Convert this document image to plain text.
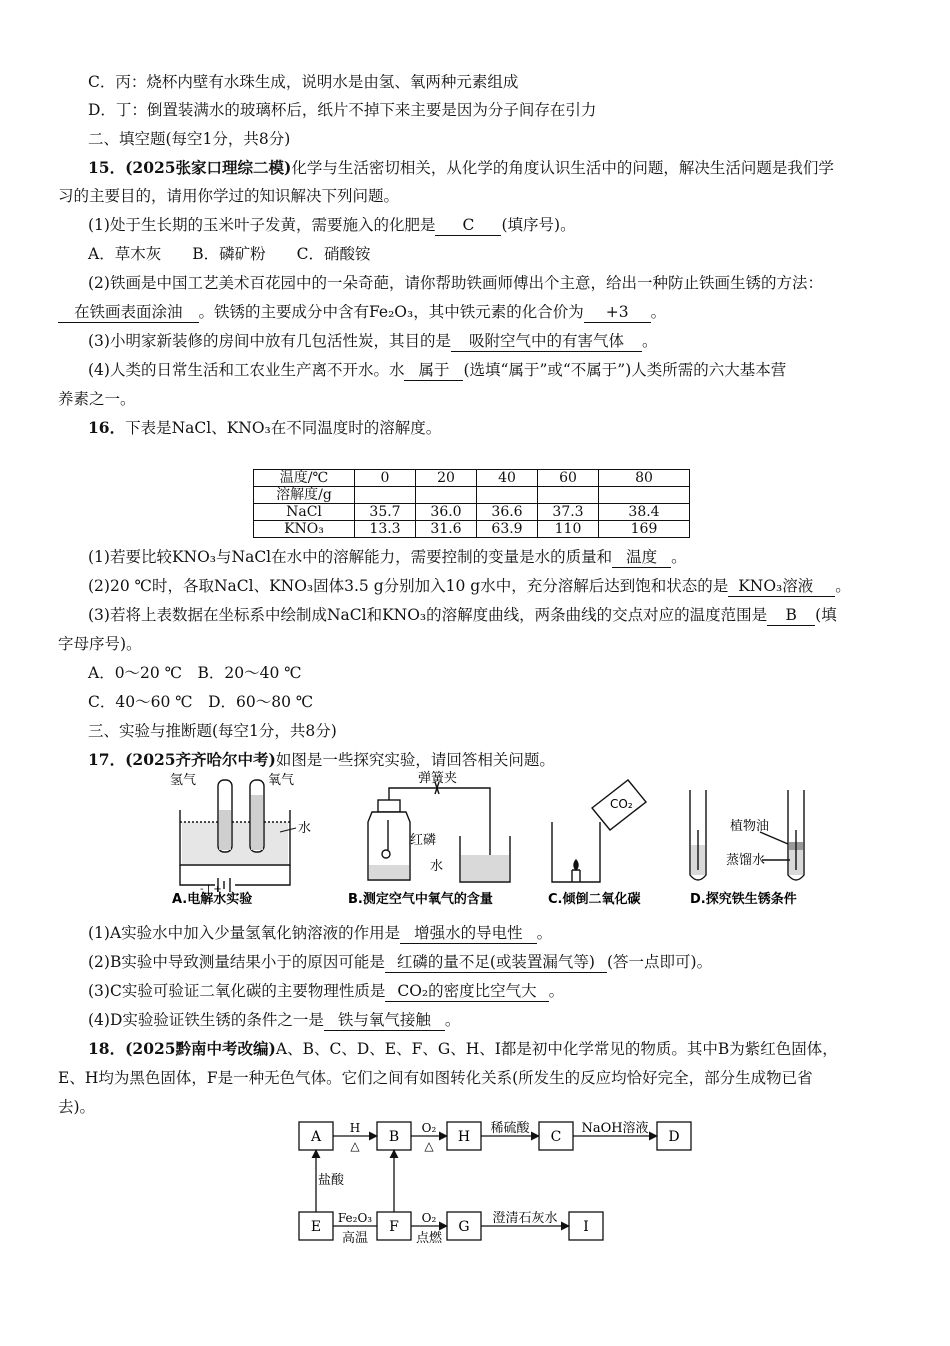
C．丙：烧杯内壁有水珠生成，说明水是由氢、氧两种元素组成
D．丁：倒置装满水的玻璃杯后，纸片不掉下来主要是因为分子间存在引力
二、填空题(每空1分，共8分)
15．(2025张家口理综二模)化学与生活密切相关，从化学的角度认识生活中的问题，解决生活问题是我们学
习的主要目的，请用你学过的知识解决下列问题。
(1)处于生长期的玉米叶子发黄，需要施入的化肥是 C (填序号)。
A．草木灰　　B．磷矿粉　　C．硝酸铵
(2)铁画是中国工艺美术百花园中的一朵奇葩，请你帮助铁画师傅出个主意，给出一种防止铁画生锈的方法：
在铁画表面涂油 。铁锈的主要成分中含有Fe₂O₃，其中铁元素的化合价为 +3 。
(3)小明家新装修的房间中放有几包活性炭，其目的是 吸附空气中的有害气体 。
(4)人类的日常生活和工农业生产离不开水。水 属于 (选填“属于”或“不属于”)人类所需的六大基本营
养素之一。
16．下表是NaCl、KNO₃在不同温度时的溶解度。
温度/℃	0	20	40	60	80
溶解度/g					
NaCl	35.7	36.0	36.6	37.3	38.4
KNO₃	13.3	31.6	63.9	110	169
(1)若要比较KNO₃与NaCl在水中的溶解能力，需要控制的变量是水的质量和 温度 。
(2)20 ℃时，各取NaCl、KNO₃固体3.5 g分别加入10 g水中，充分溶解后达到饱和状态的是 KNO₃溶液 。
(3)若将上表数据在坐标系中绘制成NaCl和KNO₃的溶解度曲线，两条曲线的交点对应的温度范围是 B (填
字母序号)。
A．0～20 ℃　B．20～40 ℃
C．40～60 ℃　D．60～80 ℃
三、实验与推断题(每空1分，共8分)
17．(2025齐齐哈尔中考)如图是一些探究实验，请回答相关问题。
氢气	氧气
水
- | +
A.电解水实验
弹簧夹
红磷
水
B.测定空气中氧气的含量
CO₂
C.倾倒二氧化碳
植物油
蒸馏水
D.探究铁生锈条件
(1)A实验水中加入少量氢氧化钠溶液的作用是 增强水的导电性 。
(2)B实验中导致测量结果小于的原因可能是 红磷的量不足(或装置漏气等) (答一点即可)。
(3)C实验可验证二氧化碳的主要物理性质是 CO₂的密度比空气大 。
(4)D实验验证铁生锈的条件之一是 铁与氧气接触 。
18．(2025黔南中考改编)A、B、C、D、E、F、G、H、I都是初中化学常见的物质。其中B为紫红色固体，
E、H均为黑色固体，F是一种无色气体。它们之间有如图转化关系(所发生的反应均恰好完全，部分生成物已省
去)。
A	B	H	C	D
E	F	G	I
H
△
O₂
△
稀硫酸	NaOH溶液
盐酸
Fe₂O₃
高温
O₂
点燃
澄清石灰水
